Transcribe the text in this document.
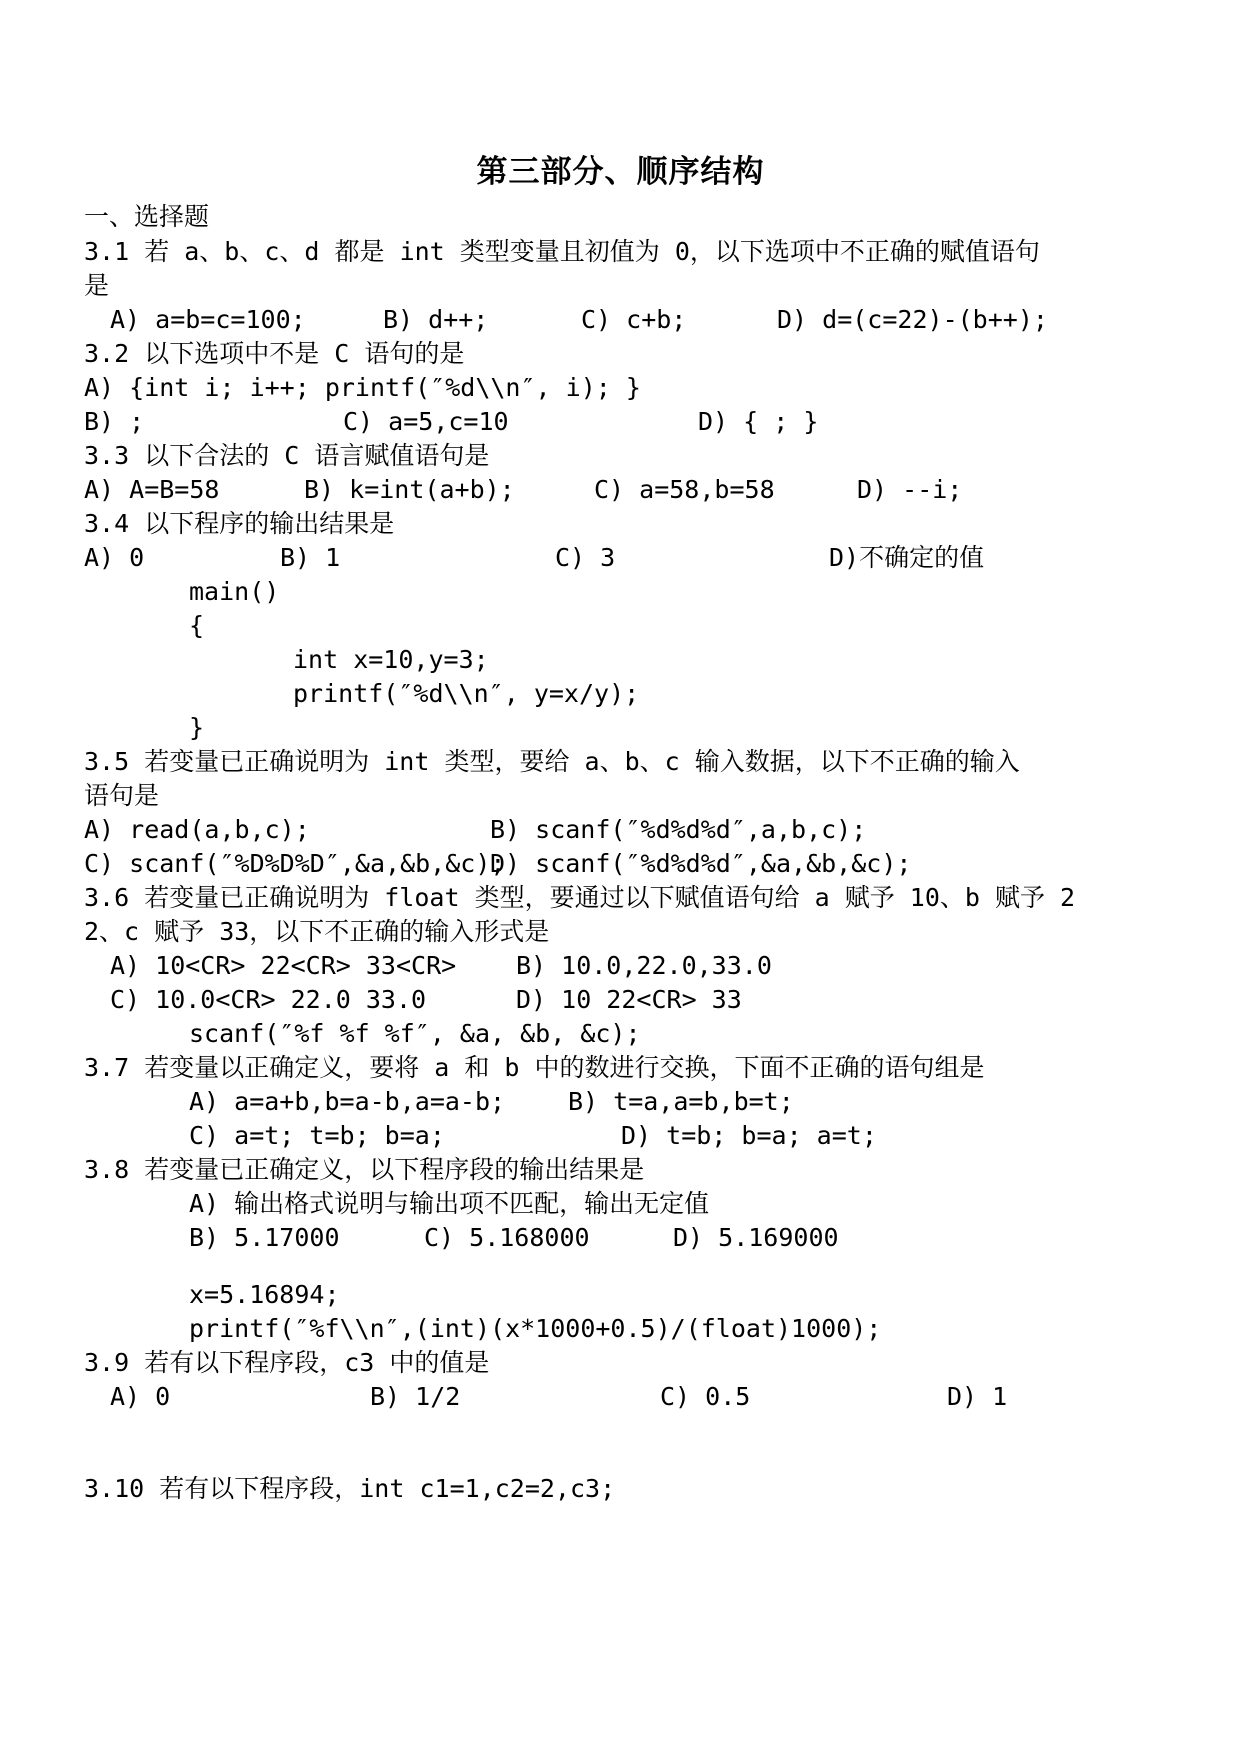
第三部分、顺序结构
一、选择题
3.1 若 a、b、c、d 都是 int 类型变量且初值为 0，以下选项中不正确的赋值语句
是
A) a=b=c=100;	B) d++;	C) c+b;	D) d=(c=22)-(b++);
3.2 以下选项中不是 C 语句的是
A) {int i; i++; printf(″%d\\n″, i); }
B) ;	C) a=5,c=10	D) { ; }
3.3 以下合法的 C 语言赋值语句是
A) A=B=58	B) k=int(a+b);	C) a=58,b=58	D) --i;
3.4 以下程序的输出结果是
A) 0	B) 1	C) 3	D)不确定的值
main()
{
int x=10,y=3;
printf(″%d\\n″, y=x/y);
}
3.5 若变量已正确说明为 int 类型，要给 a、b、c 输入数据，以下不正确的输入
语句是
A) read(a,b,c);	B) scanf(″%d%d%d″,a,b,c);
C) scanf(″%D%D%D″,&a,&b,&c);
D) scanf(″%d%d%d″,&a,&b,&c);
3.6 若变量已正确说明为 float 类型，要通过以下赋值语句给 a 赋予 10、b 赋予 2
2、c 赋予 33，以下不正确的输入形式是
A) 10<CR> 22<CR> 33<CR> B) 10.0,22.0,33.0
C) 10.0<CR> 22.0 33.0	D) 10 22<CR> 33
scanf(″%f %f %f″, &a, &b, &c);
3.7 若变量以正确定义，要将 a 和 b 中的数进行交换，下面不正确的语句组是
A) a=a+b,b=a-b,a=a-b;	B) t=a,a=b,b=t;
C) a=t; t=b; b=a;	D) t=b; b=a; a=t;
3.8 若变量已正确定义，以下程序段的输出结果是
A) 输出格式说明与输出项不匹配，输出无定值
B) 5.17000	C) 5.168000	D) 5.169000
x=5.16894;
printf(″%f\\n″,(int)(x*1000+0.5)/(float)1000);
3.9 若有以下程序段，c3 中的值是
A) 0	B) 1/2	C) 0.5	D) 1
3.10 若有以下程序段，int c1=1,c2=2,c3;
